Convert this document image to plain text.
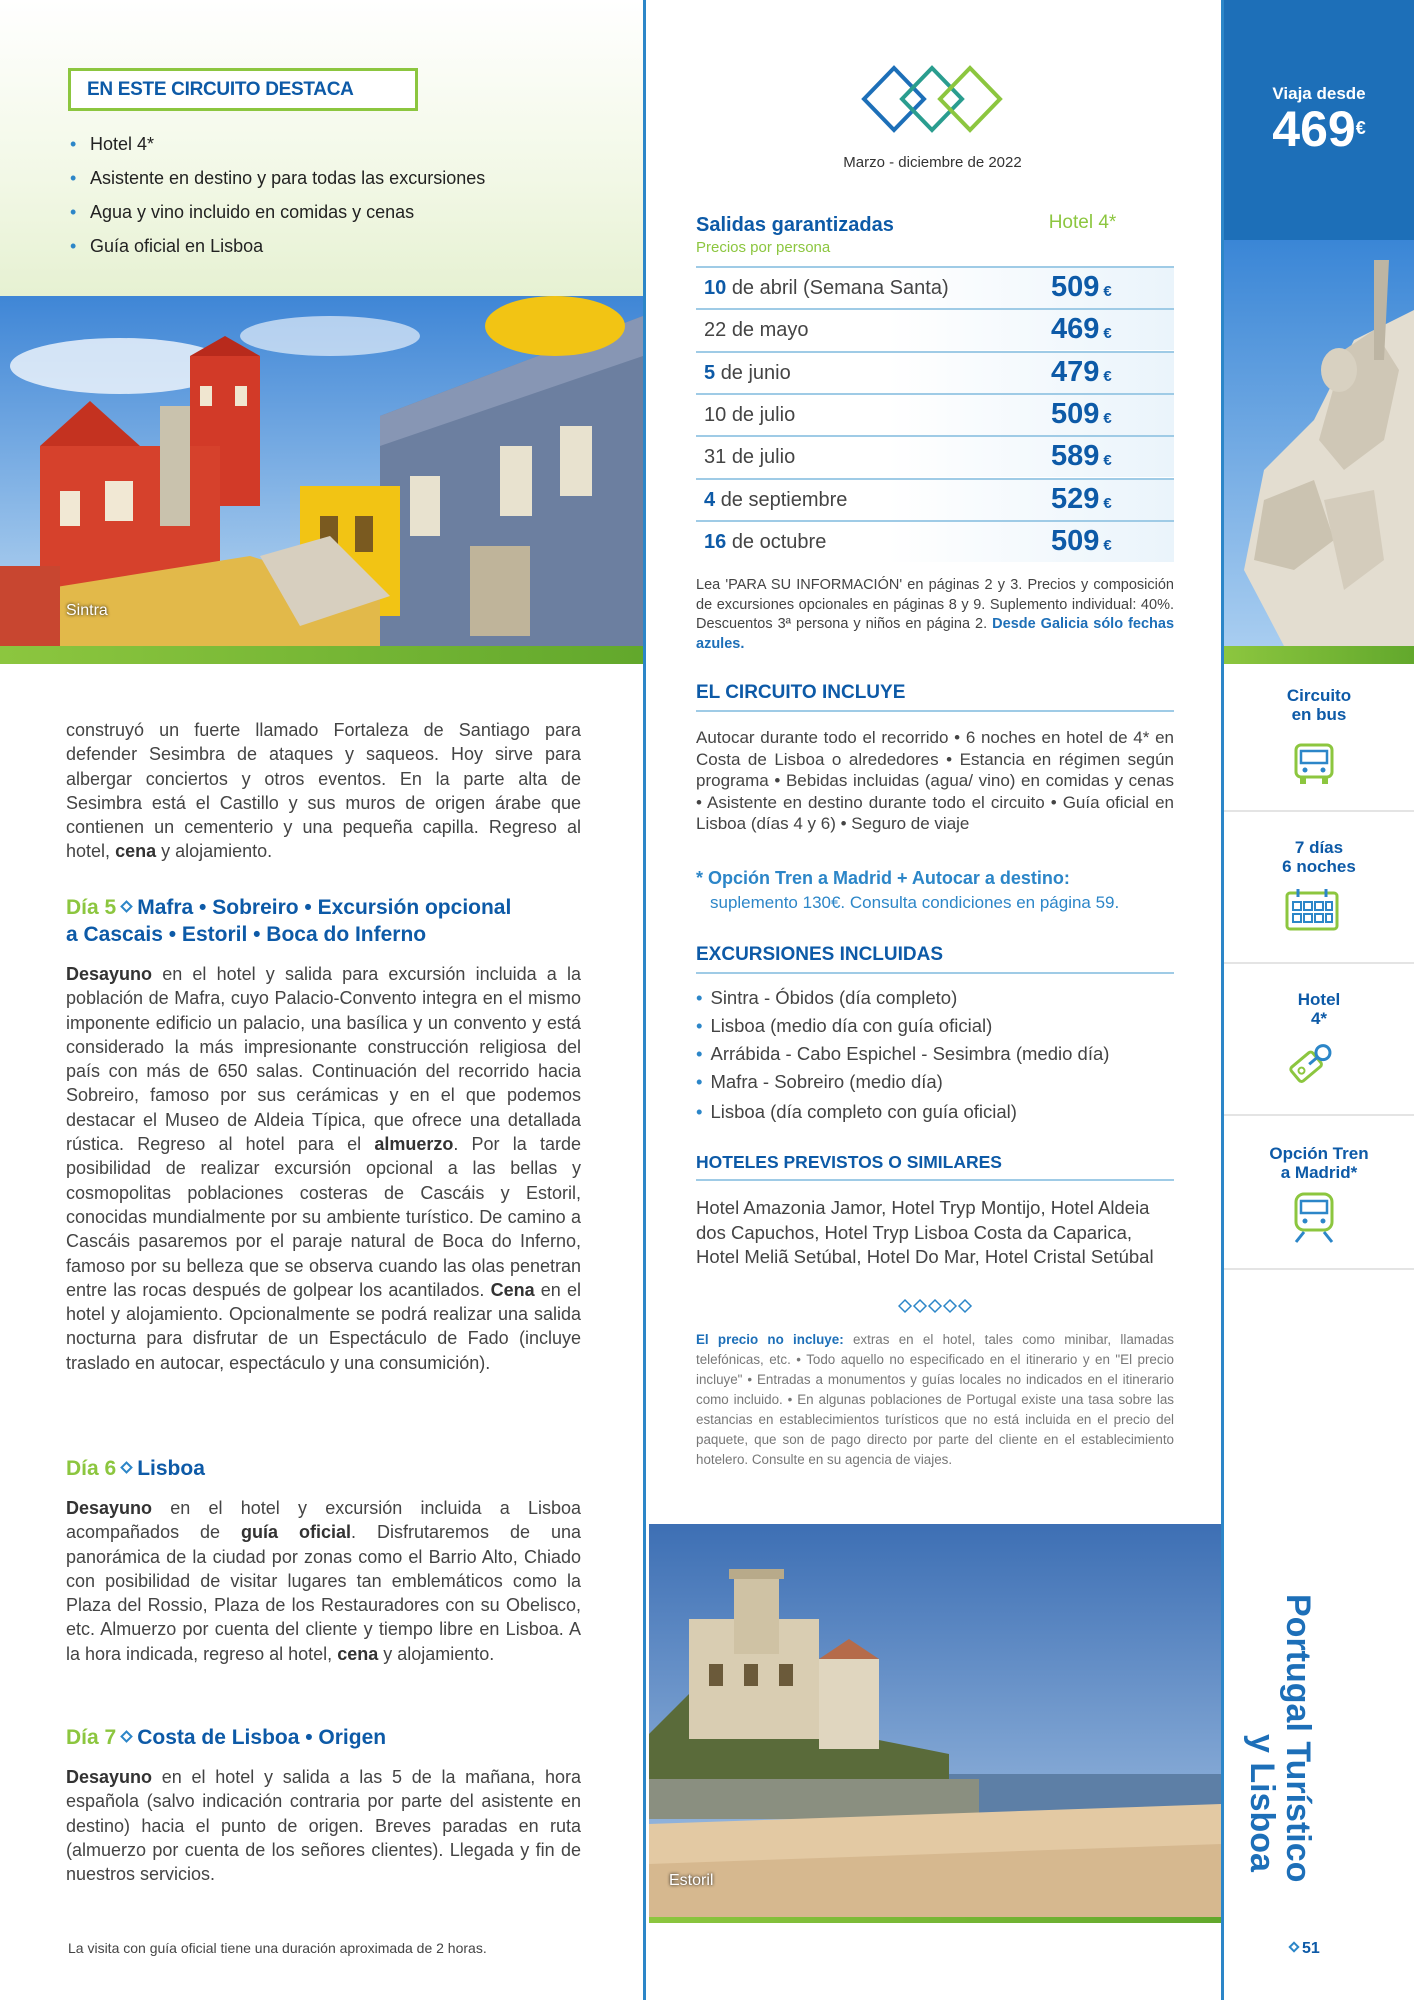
EN ESTE CIRCUITO DESTACA
• Hotel 4*
• Asistente en destino y para todas las excursiones
• Agua y vino incluido en comidas y cenas
• Guía oficial en Lisboa
Sintra
construyó un fuerte llamado Fortaleza de Santiago para defender Sesimbra de ataques y saqueos. Hoy sirve para albergar conciertos y otros eventos. En la parte alta de Sesimbra está el Castillo y sus muros de origen árabe que contienen un cementerio y una pequeña capilla. Regreso al hotel, cena y alojamiento.
Día 5 Mafra • Sobreiro • Excursión opcional
a Cascais • Estoril • Boca do Inferno
Desayuno en el hotel y salida para excursión incluida a la población de Mafra, cuyo Palacio-Convento integra en el mismo imponente edificio un palacio, una basílica y un convento y está considerado la más impresionante construcción religiosa del país con más de 650 salas. Continuación del recorrido hacia Sobreiro, famoso por sus cerámicas y en el que podemos destacar el Museo de Aldeia Típica, que ofrece una detallada rústica. Regreso al hotel para el almuerzo. Por la tarde posibilidad de realizar excursión opcional a las bellas y cosmopolitas poblaciones costeras de Cascáis y Estoril, conocidas mundialmente por su ambiente turístico. De camino a Cascáis pasaremos por el paraje natural de Boca do Inferno, famoso por su belleza que se observa cuando las olas penetran entre las rocas después de golpear los acantilados. Cena en el hotel y alojamiento. Opcionalmente se podrá realizar una salida nocturna para disfrutar de un Espectáculo de Fado (incluye traslado en autocar, espectáculo y una consumición).
Día 6 Lisboa
Desayuno en el hotel y excursión incluida a Lisboa acompañados de guía oficial. Disfrutaremos de una panorámica de la ciudad por zonas como el Barrio Alto, Chiado con posibilidad de visitar lugares tan emblemáticos como la Plaza del Rossio, Plaza de los Restauradores con su Obelisco, etc. Almuerzo por cuenta del cliente y tiempo libre en Lisboa. A la hora indicada, regreso al hotel, cena y alojamiento.
Día 7 Costa de Lisboa • Origen
Desayuno en el hotel y salida a las 5 de la mañana, hora española (salvo indicación contraria por parte del asistente en destino) hacia el punto de origen. Breves paradas en ruta (almuerzo por cuenta de los señores clientes). Llegada y fin de nuestros servicios.
La visita con guía oficial tiene una duración aproximada de 2 horas.
Marzo - diciembre de 2022
Salidas garantizadas
Precios por persona
Hotel 4*
10 de abril (Semana Santa)	509 €
22 de mayo	469 €
5 de junio	479 €
10 de julio	509 €
31 de julio	589 €
4 de septiembre	529 €
16 de octubre	509 €
Lea 'PARA SU INFORMACIÓN' en páginas 2 y 3. Precios y composición de excursiones opcionales en páginas 8 y 9. Suplemento individual: 40%. Descuentos 3ª persona y niños en página 2. Desde Galicia sólo fechas azules.
EL CIRCUITO INCLUYE
Autocar durante todo el recorrido • 6 noches en hotel de 4* en Costa de Lisboa o alrededores • Estancia en régimen según programa • Bebidas incluidas (agua/ vino) en comidas y cenas • Asistente en destino durante todo el circuito • Guía oficial en Lisboa (días 4 y 6) • Seguro de viaje
* Opción Tren a Madrid + Autocar a destino:
suplemento 130€. Consulta condiciones en página 59.
EXCURSIONES INCLUIDAS
• Sintra - Óbidos (día completo)
• Lisboa (medio día con guía oficial)
• Arrábida - Cabo Espichel - Sesimbra (medio día)
• Mafra - Sobreiro (medio día)
• Lisboa (día completo con guía oficial)
HOTELES PREVISTOS O SIMILARES
Hotel Amazonia Jamor, Hotel Tryp Montijo, Hotel Aldeia dos Capuchos, Hotel Tryp Lisboa Costa da Caparica, Hotel Meliã Setúbal, Hotel Do Mar, Hotel Cristal Setúbal
El precio no incluye: extras en el hotel, tales como minibar, llamadas telefónicas, etc. • Todo aquello no especificado en el itinerario y en "El precio incluye" • Entradas a monumentos y guías locales no indicados en el itinerario como incluido. • En algunas poblaciones de Portugal existe una tasa sobre las estancias en establecimientos turísticos que no está incluida en el precio del paquete, que son de pago directo por parte del cliente en el establecimiento hotelero. Consulte en su agencia de viajes.
Estoril
Viaja desde
469€
Circuito
en bus
7 días
6 noches
Hotel
4*
Opción Tren
a Madrid*
Portugal Turístico
y Lisboa
51
